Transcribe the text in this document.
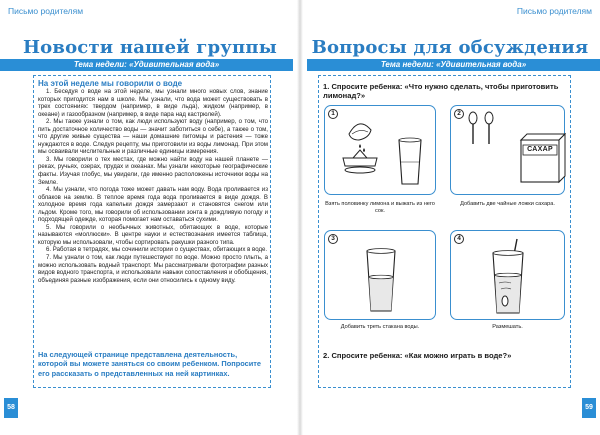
Письмо родителям
Новости нашей группы
Тема недели: «Удивительная вода»
На этой неделе мы говорили о воде

1. Беседуя о воде на этой неделе, мы узнали много новых слов, знание которых пригодится нам в школе. Мы узнали, что вода может существовать в трех состояниях: твердом (например, в виде льда), жидком (например, в океане) и газообразном (например, в виде пара над кастрюлей).

2. Мы также узнали о том, как люди используют воду (например, о том, что пить достаточное количество воды — значит заботиться о себе), а также о том, что другие живые существа — наши домашние питомцы и растения — тоже нуждаются в воде. Следуя рецепту, мы приготовили из воды лимонад. При этом мы осваивали числительные и различные единицы измерения.

3. Мы говорили о тех местах, где можно найти воду на нашей планете — реках, ручьях, озерах, прудах и океанах. Мы узнали некоторые географические факты. Изучая глобус, мы увидели, где именно расположены источники воды на Земле.

4. Мы узнали, что погода тоже может давать нам воду. Вода проливается из облаков на землю. В теплое время года вода проливается в виде дождя. В холодное время года капельки дождя замерзают и становятся снегом или льдом. Кроме того, мы говорили об использовании зонта в дождливую погоду и подходящей одежде, которая помогает нам оставаться сухими.

5. Мы говорили о необычных животных, обитающих в воде, которые называются «моллюски». В центре науки и естествознания имеется таблица, которую мы использовали, чтобы сортировать ракушки разного типа.

6. Работая в тетрадях, мы сочинили истории о существах, обитающих в воде.

7. Мы узнали о том, как люди путешествуют по воде. Можно просто плыть, а можно использовать водный транспорт. Мы рассматривали фотографии разных видов водного транспорта, и использовали навыки сопоставления и обобщения, объединяя разные изображения, если они относились к одному виду.

На следующей странице представлена деятельность, которой вы можете заняться со своим ребенком. Попросите его рассказать о представленных на ней картинках.
58
Письмо родителям
Вопросы для обсуждения
Тема недели: «Удивительная вода»
1. Спросите ребенка: «Что нужно сделать, чтобы приготовить лимонад?»
1
Взять половинку лимона и выжать из него сок.
2
САХАР
Добавить две чайные ложки сахара.
3
Добавить треть стакана воды.
4
Размешать.
2. Спросите ребенка: «Как можно играть в воде?»
59
